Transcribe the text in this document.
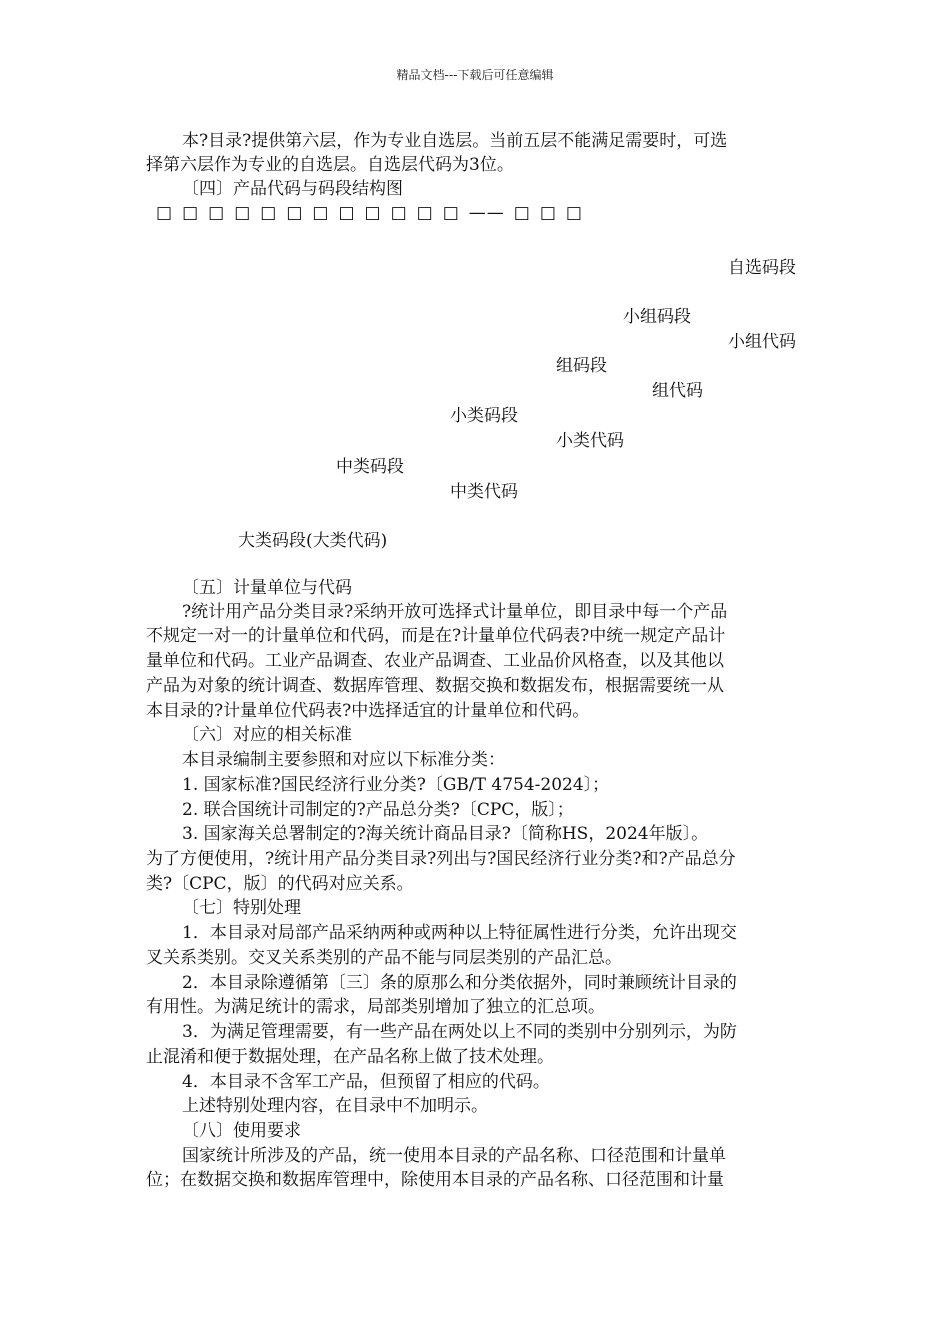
精品文档---下载后可任意编辑
本?目录?提供第六层，作为专业自选层。当前五层不能满足需要时，可选
择第六层作为专业的自选层。自选层代码为3位。
〔四〕产品代码与码段结构图
□ □ □ □ □ □ □ □ □ □ □ □ —— □ □ □
自选码段
小组码段
小组代码
组码段
组代码
小类码段
小类代码
中类码段
中类代码
大类码段(大类代码)
〔五〕计量单位与代码
?统计用产品分类目录?采纳开放可选择式计量单位，即目录中每一个产品
不规定一对一的计量单位和代码，而是在?计量单位代码表?中统一规定产品计
量单位和代码。工业产品调查、农业产品调查、工业品价风格查，以及其他以
产品为对象的统计调查、数据库管理、数据交换和数据发布，根据需要统一从
本目录的?计量单位代码表?中选择适宜的计量单位和代码。
〔六〕对应的相关标准
本目录编制主要参照和对应以下标准分类：
1. 国家标准?国民经济行业分类?〔GB/T 4754-2024〕；
2. 联合国统计司制定的?产品总分类?〔CPC，版〕；
3. 国家海关总署制定的?海关统计商品目录?〔简称HS，2024年版〕。
为了方便使用，?统计用产品分类目录?列出与?国民经济行业分类?和?产品总分
类?〔CPC，版〕的代码对应关系。
〔七〕特别处理
1．本目录对局部产品采纳两种或两种以上特征属性进行分类，允许出现交
叉关系类别。交叉关系类别的产品不能与同层类别的产品汇总。
2．本目录除遵循第〔三〕条的原那么和分类依据外，同时兼顾统计目录的
有用性。为满足统计的需求，局部类别增加了独立的汇总项。
3．为满足管理需要，有一些产品在两处以上不同的类别中分别列示，为防
止混淆和便于数据处理，在产品名称上做了技术处理。
4．本目录不含军工产品，但预留了相应的代码。
上述特别处理内容，在目录中不加明示。
〔八〕使用要求
国家统计所涉及的产品，统一使用本目录的产品名称、口径范围和计量单
位；在数据交换和数据库管理中，除使用本目录的产品名称、口径范围和计量
